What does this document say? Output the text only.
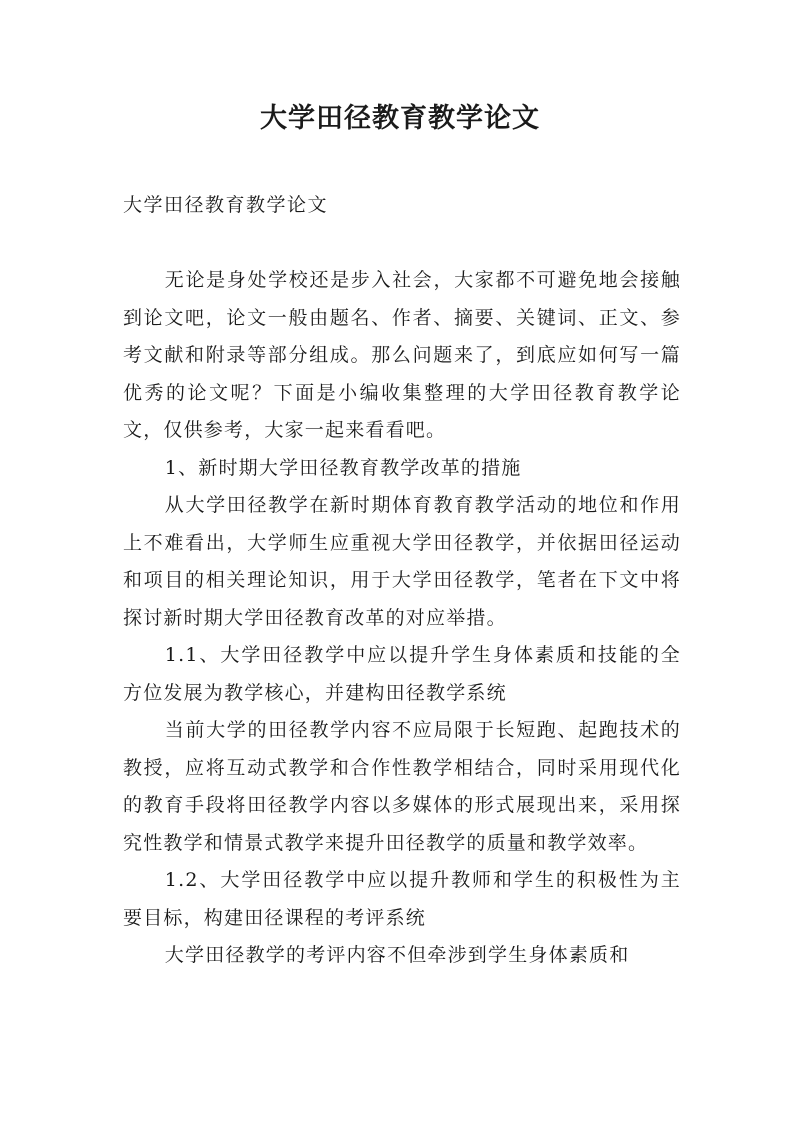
大学田径教育教学论文

大学田径教育教学论文

无论是身处学校还是步入社会，大家都不可避免地会接触到论文吧，论文一般由题名、作者、摘要、关键词、正文、参考文献和附录等部分组成。那么问题来了，到底应如何写一篇优秀的论文呢？下面是小编收集整理的大学田径教育教学论文，仅供参考，大家一起来看看吧。

1、新时期大学田径教育教学改革的措施

从大学田径教学在新时期体育教育教学活动的地位和作用上不难看出，大学师生应重视大学田径教学，并依据田径运动和项目的相关理论知识，用于大学田径教学，笔者在下文中将探讨新时期大学田径教育改革的对应举措。

1.1、大学田径教学中应以提升学生身体素质和技能的全方位发展为教学核心，并建构田径教学系统

当前大学的田径教学内容不应局限于长短跑、起跑技术的教授，应将互动式教学和合作性教学相结合，同时采用现代化的教育手段将田径教学内容以多媒体的形式展现出来，采用探究性教学和情景式教学来提升田径教学的质量和教学效率。

1.2、大学田径教学中应以提升教师和学生的积极性为主要目标，构建田径课程的考评系统

大学田径教学的考评内容不但牵涉到学生身体素质和
